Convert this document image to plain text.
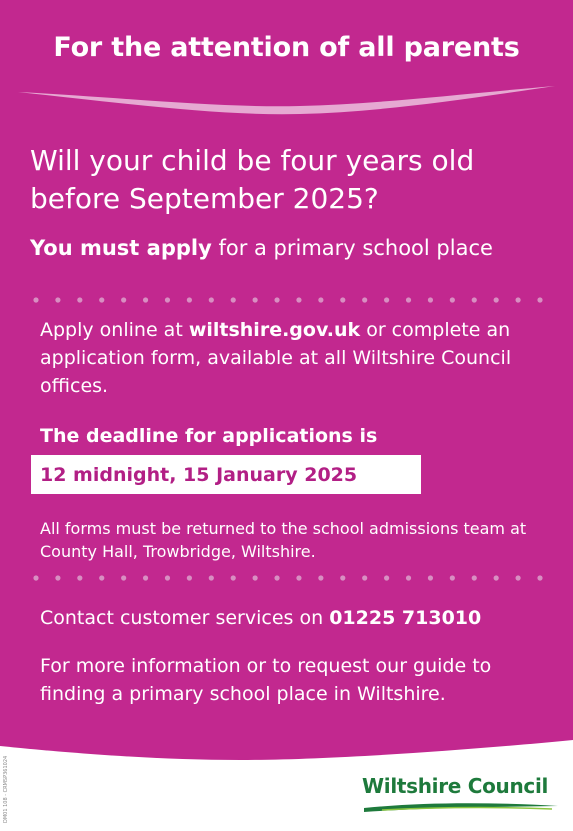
For the attention of all parents
Will your child be four years old before September 2025?
You must apply for a primary school place
Apply online at wiltshire.gov.uk or complete an application form, available at all Wiltshire Council offices.
The deadline for applications is
12 midnight, 15 January 2025
All forms must be returned to the school admissions team at County Hall, Trowbridge, Wiltshire.
Contact customer services on 01225 713010
For more information or to request our guide to finding a primary school place in Wiltshire.
DM01 108 - CRMSP361024	Wiltshire Council
